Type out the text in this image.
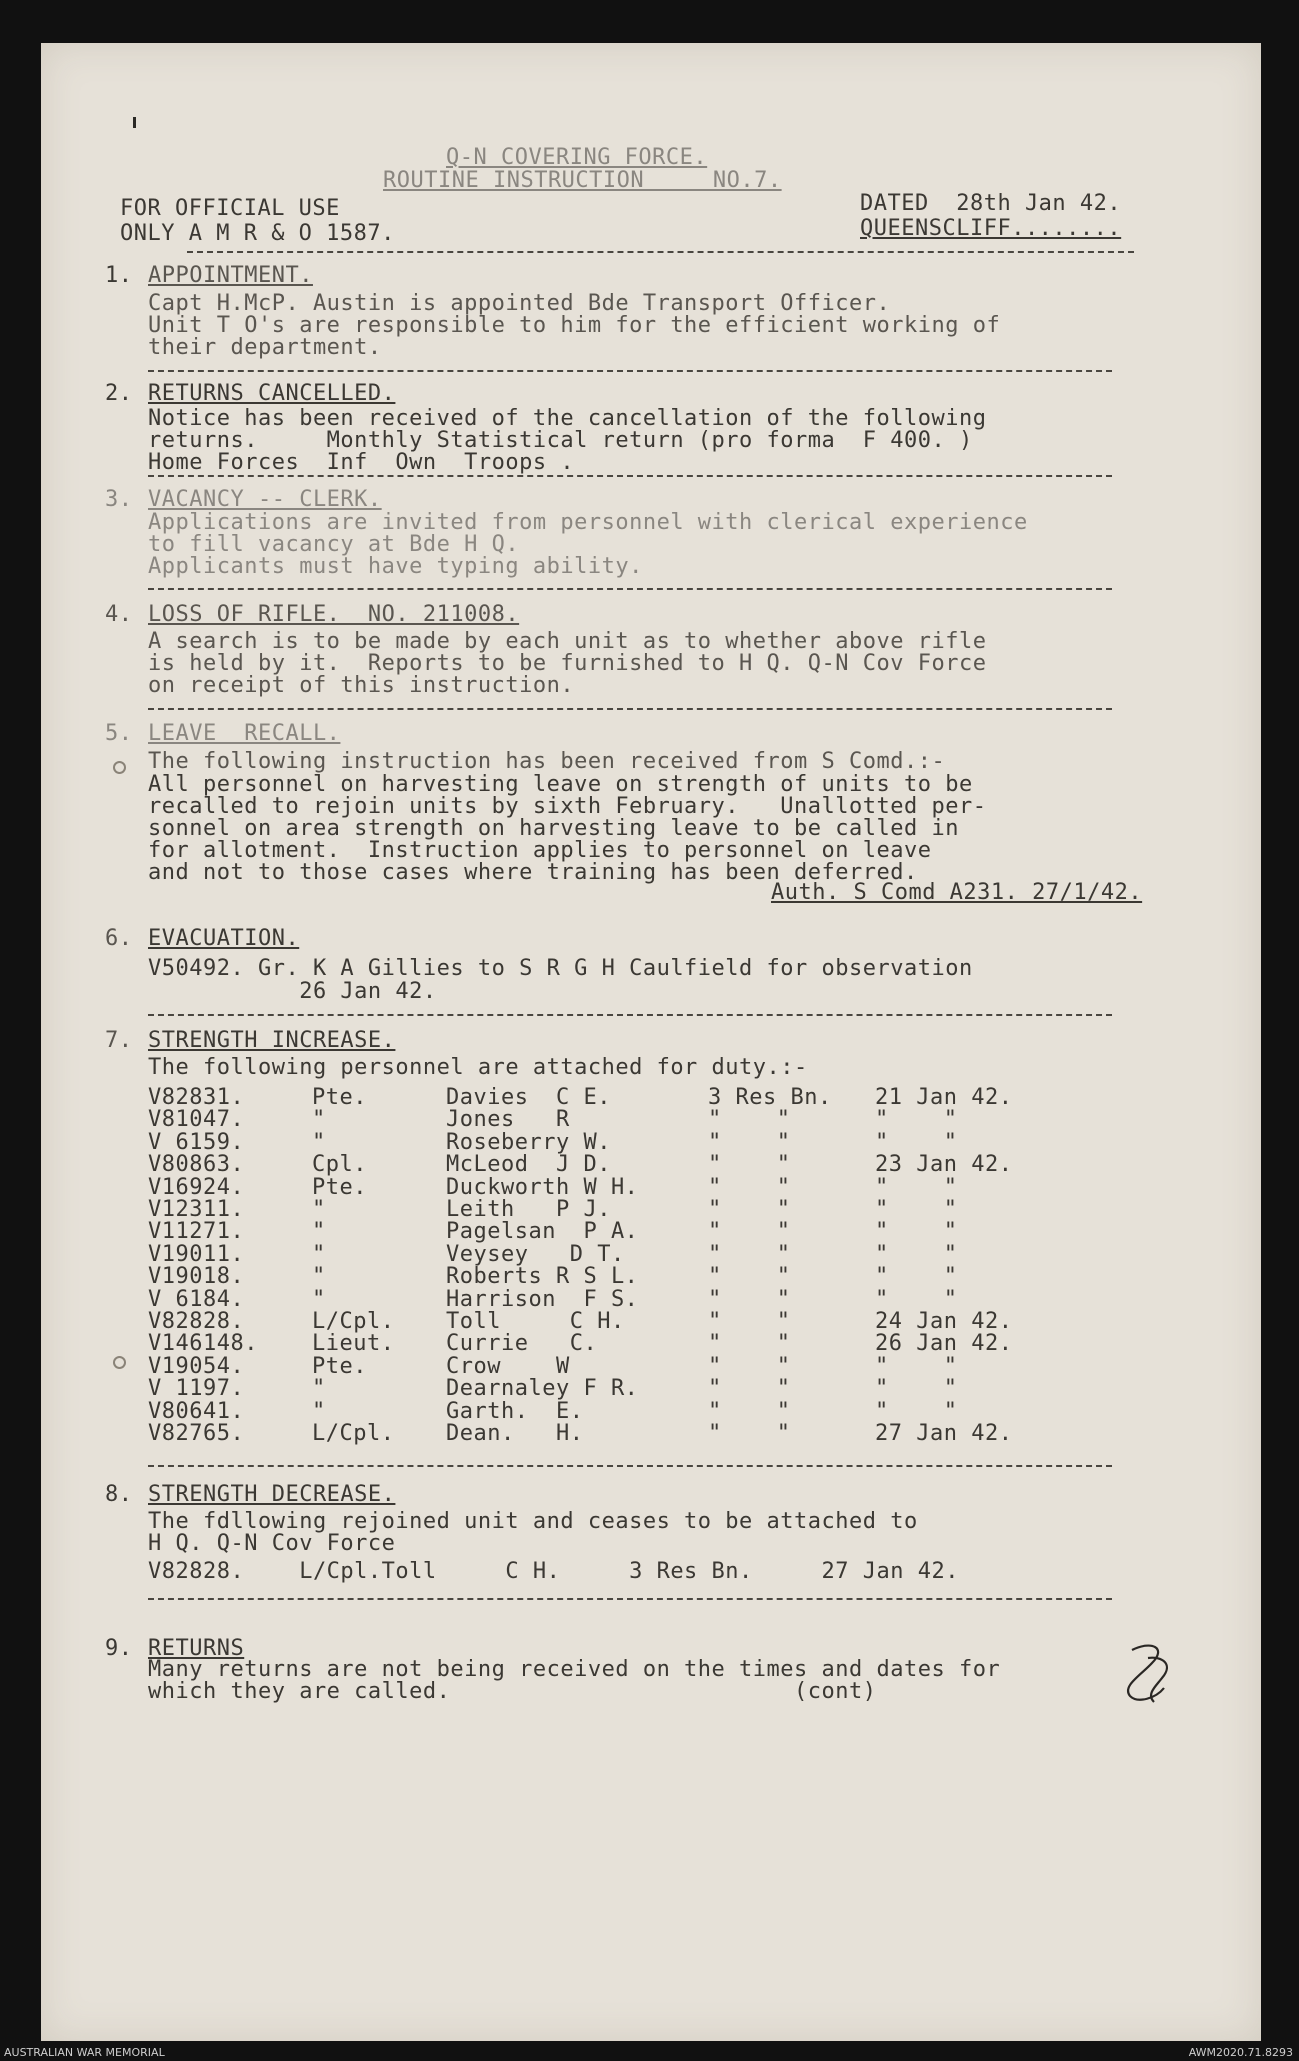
Q-N COVERING FORCE.
ROUTINE INSTRUCTION     NO.7.
FOR OFFICIAL USE
ONLY A M R & O 1587.
DATED  28th Jan 42.
QUEENSCLIFF........
1. APPOINTMENT.
Capt H.McP. Austin is appointed Bde Transport Officer.
Unit T O's are responsible to him for the efficient working of
their department.
2. RETURNS CANCELLED.
Notice has been received of the cancellation of the following
returns.     Monthly Statistical return (pro forma  F 400. )
Home Forces  Inf  Own  Troops .
3. VACANCY -- CLERK.
Applications are invited from personnel with clerical experience
to fill vacancy at Bde H Q.
Applicants must have typing ability.
4. LOSS OF RIFLE.  NO. 211008.
A search is to be made by each unit as to whether above rifle
is held by it.  Reports to be furnished to H Q. Q-N Cov Force
on receipt of this instruction.
5. LEAVE  RECALL.
The following instruction has been received from S Comd.:-
All personnel on harvesting leave on strength of units to be
recalled to rejoin units by sixth February.   Unallotted per-
sonnel on area strength on harvesting leave to be called in
for allotment.  Instruction applies to personnel on leave
and not to those cases where training has been deferred.
Auth. S Comd A231. 27/1/42.
6. EVACUATION.
V50492. Gr. K A Gillies to S R G H Caulfield for observation
26 Jan 42.
7. STRENGTH INCREASE.
The following personnel are attached for duty.:-
V82831.	Pte.	Davies  C E.	3 Res Bn. 21 Jan 42.
V81047.	"	Jones   R	"    "	"    "
V 6159.	"	Roseberry W.	"    "	"    "
V80863.	Cpl.	McLeod  J D.	"    "	23 Jan 42.
V16924.	Pte.	Duckworth W H.	"    "	"    "
V12311.	"	Leith   P J.	"    "	"    "
V11271.	"	Pagelsan  P A.	"    "	"    "
V19011.	"	Veysey   D T.	"    "	"    "
V19018.	"	Roberts R S L.	"    "	"    "
V 6184.	"	Harrison  F S.	"    "	"    "
V82828.	L/Cpl. Toll     C H.	"    "	24 Jan 42.
V146148. Lieut. Currie   C.	"    "	26 Jan 42.
V19054.	Pte.	Crow    W	"    "	"    "
V 1197.	"	Dearnaley F R.	"    "	"    "
V80641.	"	Garth.  E.	"    "	"    "
V82765.	L/Cpl. Dean.   H.	"    "	27 Jan 42.
8. STRENGTH DECREASE.
The fdllowing rejoined unit and ceases to be attached to
H Q. Q-N Cov Force
V82828.    L/Cpl.Toll     C H.     3 Res Bn.     27 Jan 42.
9. RETURNS
Many returns are not being received on the times and dates for
which they are called.                         (cont)
AUSTRALIAN WAR MEMORIAL	AWM2020.71.8293
